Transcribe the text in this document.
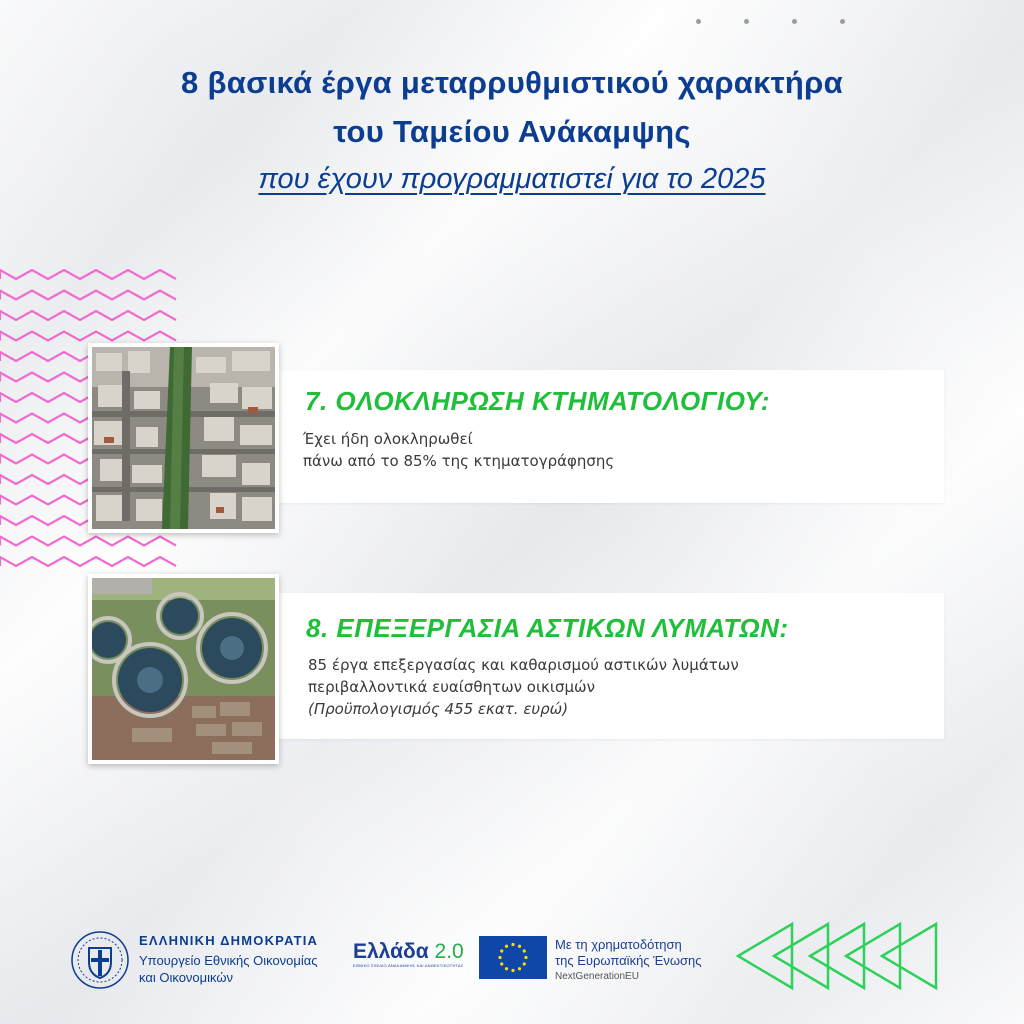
8 βασικά έργα μεταρρυθμιστικού χαρακτήρα
του Ταμείου Ανάκαμψης
που έχουν προγραμματιστεί για το 2025
7. ΟΛΟΚΛΗΡΩΣΗ ΚΤΗΜΑΤΟΛΟΓΙΟΥ:
Έχει ήδη ολοκληρωθεί
πάνω από το 85% της κτηματογράφησης
8. ΕΠΕΞΕΡΓΑΣΙΑ ΑΣΤΙΚΩΝ ΛΥΜΑΤΩΝ:
85 έργα επεξεργασίας και καθαρισμού αστικών λυμάτων
περιβαλλοντικά ευαίσθητων οικισμών
(Προϋπολογισμός 455 εκατ. ευρώ)
ΕΛΛΗΝΙΚΗ ΔΗΜΟΚΡΑΤΙΑ
Υπουργείο Εθνικής Οικονομίας
και Οικονομικών
Ελλάδα 2.0
ΕΘΝΙΚΟ ΣΧΕΔΙΟ ΑΝΑΚΑΜΨΗΣ ΚΑΙ ΑΝΘΕΚΤΙΚΟΤΗΤΑΣ
Με τη χρηματοδότηση
της Ευρωπαϊκής Ένωσης
NextGenerationEU
